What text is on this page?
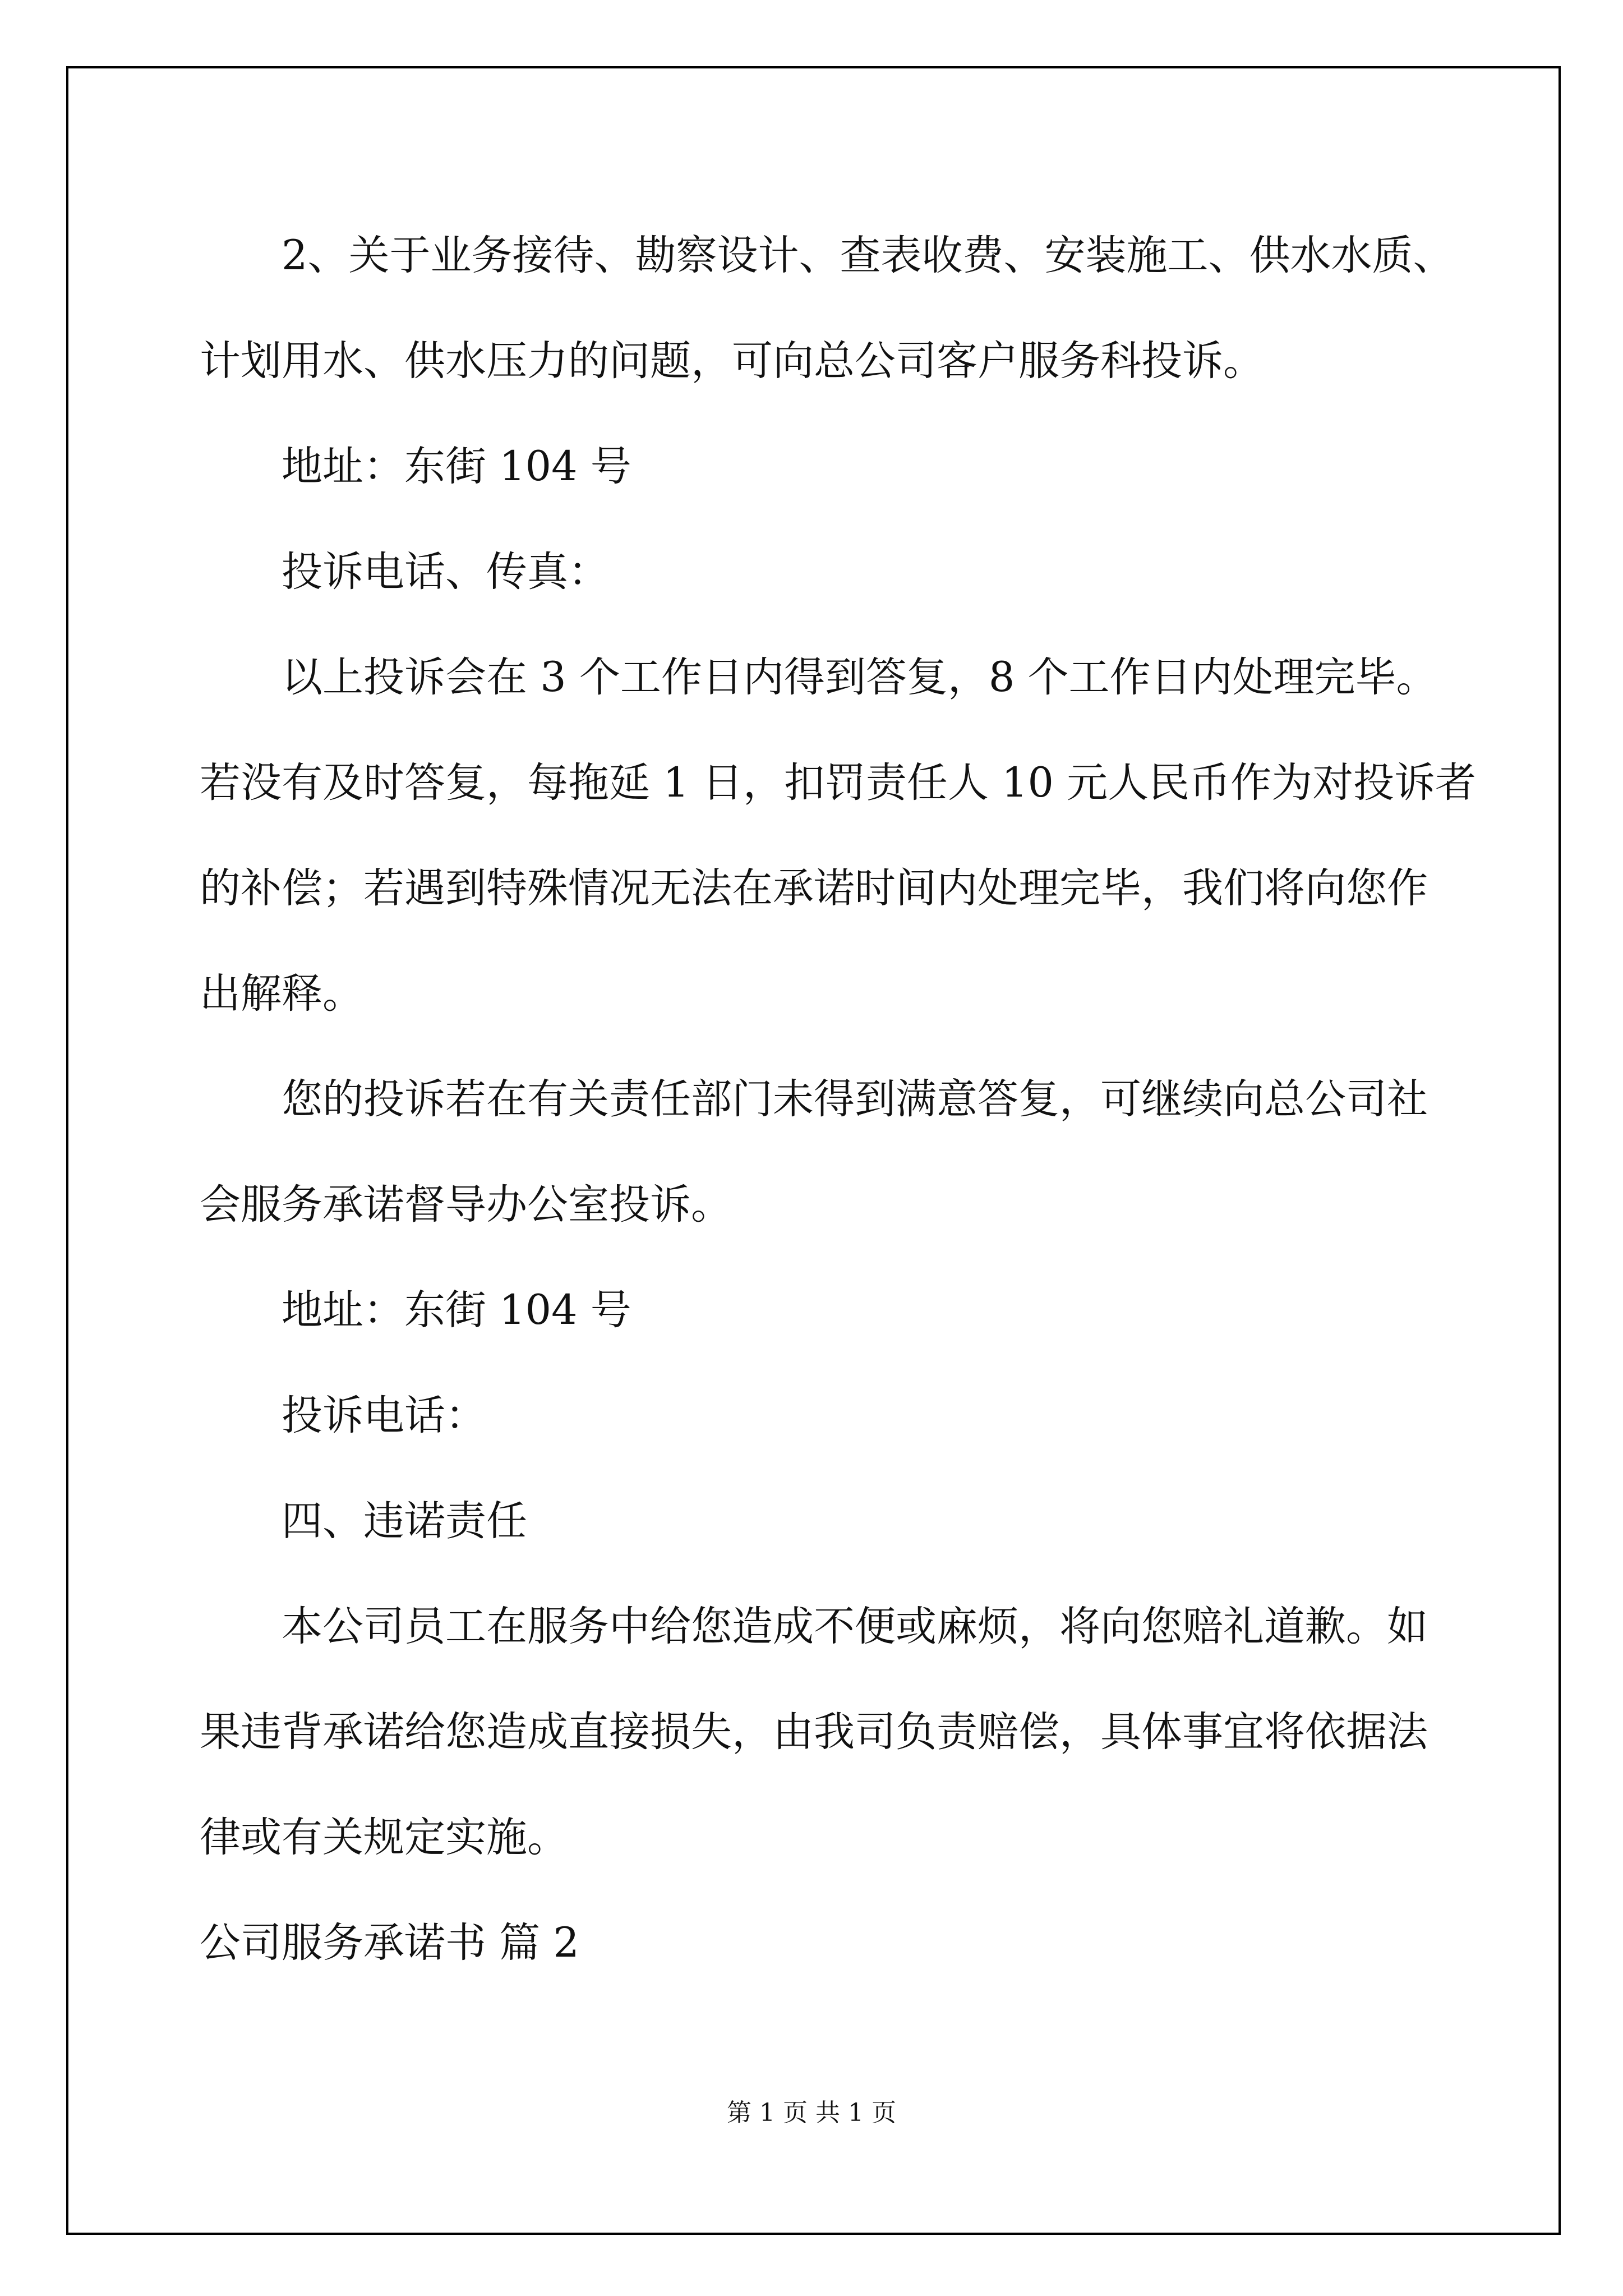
2、关于业务接待、勘察设计、查表收费、安装施工、供水水质、

计划用水、供水压力的问题，可向总公司客户服务科投诉。

地址：东街 104 号

投诉电话、传真：

以上投诉会在 3 个工作日内得到答复，8 个工作日内处理完毕。

若没有及时答复，每拖延 1 日，扣罚责任人 10 元人民币作为对投诉者

的补偿；若遇到特殊情况无法在承诺时间内处理完毕，我们将向您作

出解释。

您的投诉若在有关责任部门未得到满意答复，可继续向总公司社

会服务承诺督导办公室投诉。

地址：东街 104 号

投诉电话：

四、违诺责任

本公司员工在服务中给您造成不便或麻烦，将向您赔礼道歉。如

果违背承诺给您造成直接损失，由我司负责赔偿，具体事宜将依据法

律或有关规定实施。

公司服务承诺书 篇 2

第 1 页 共 1 页
